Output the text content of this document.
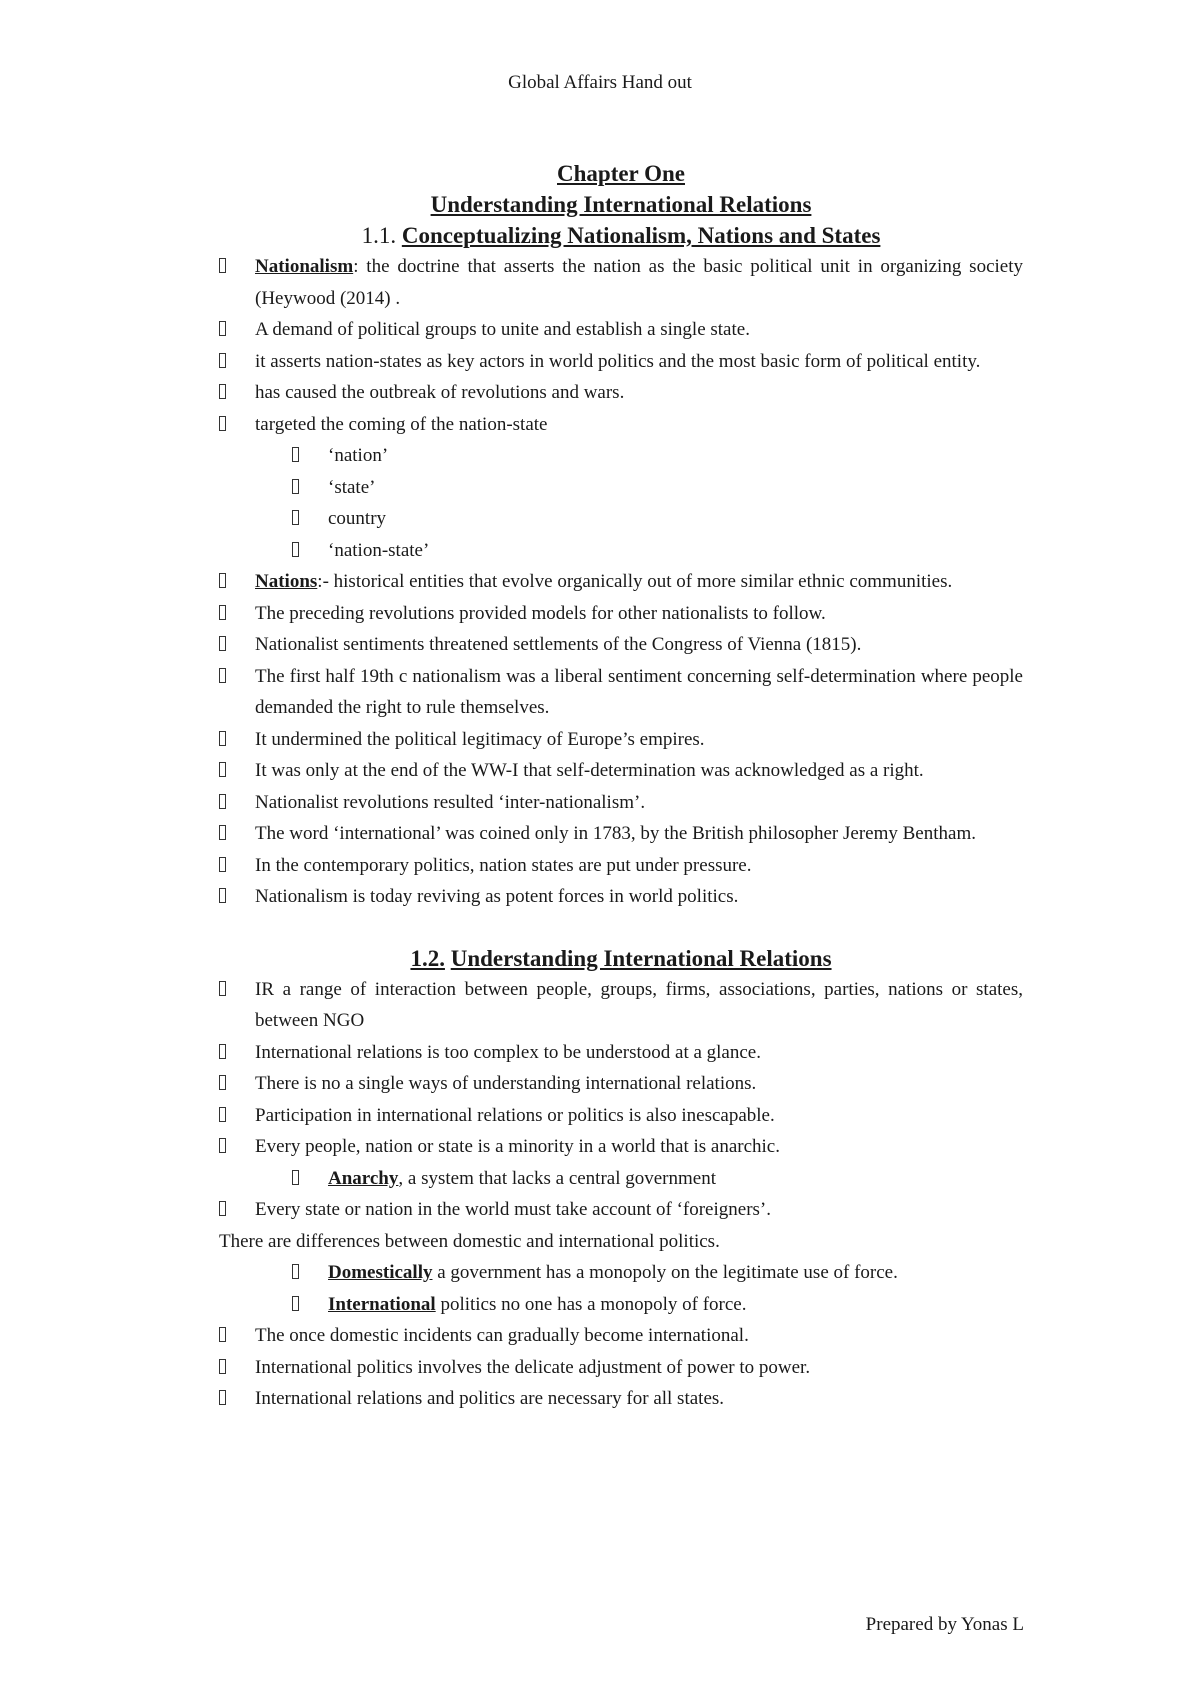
Global Affairs Hand out
Chapter One
Understanding International Relations
1.1. Conceptualizing Nationalism, Nations and States
Nationalism: the doctrine that asserts the nation as the basic political unit in organizing society (Heywood (2014) .
A demand of political groups to unite and establish a single state.
it asserts nation-states as key actors in world politics and the most basic form of political entity.
has caused the outbreak of revolutions and wars.
targeted the coming of the nation-state
‘nation’
‘state’
country
‘nation-state’
Nations:- historical entities that evolve organically out of more similar ethnic communities.
The preceding revolutions provided models for other nationalists to follow.
Nationalist sentiments threatened settlements of the Congress of Vienna (1815).
The first half 19th c nationalism was a liberal sentiment concerning self-determination where people demanded the right to rule themselves.
It undermined the political legitimacy of Europe’s empires.
It was only at the end of the WW-I that self-determination was acknowledged as a right.
Nationalist revolutions resulted ‘inter-nationalism’.
The word ‘international’ was coined only in 1783, by the British philosopher Jeremy Bentham.
In the contemporary politics, nation states are put under pressure.
Nationalism is today reviving as potent forces in world politics.
1.2. Understanding International Relations
IR a range of interaction between people, groups, firms, associations, parties, nations or states, between NGO
International relations is too complex to be understood at a glance.
There is no a single ways of understanding international relations.
Participation in international relations or politics is also inescapable.
Every people, nation or state is a minority in a world that is anarchic.
Anarchy, a system that lacks a central government
Every state or nation in the world must take account of ‘foreigners’.
There are differences between domestic and international politics.
Domestically a government has a monopoly on the legitimate use of force.
International politics no one has a monopoly of force.
The once domestic incidents can gradually become international.
International politics involves the delicate adjustment of power to power.
International relations and politics are necessary for all states.
Prepared by Yonas L
